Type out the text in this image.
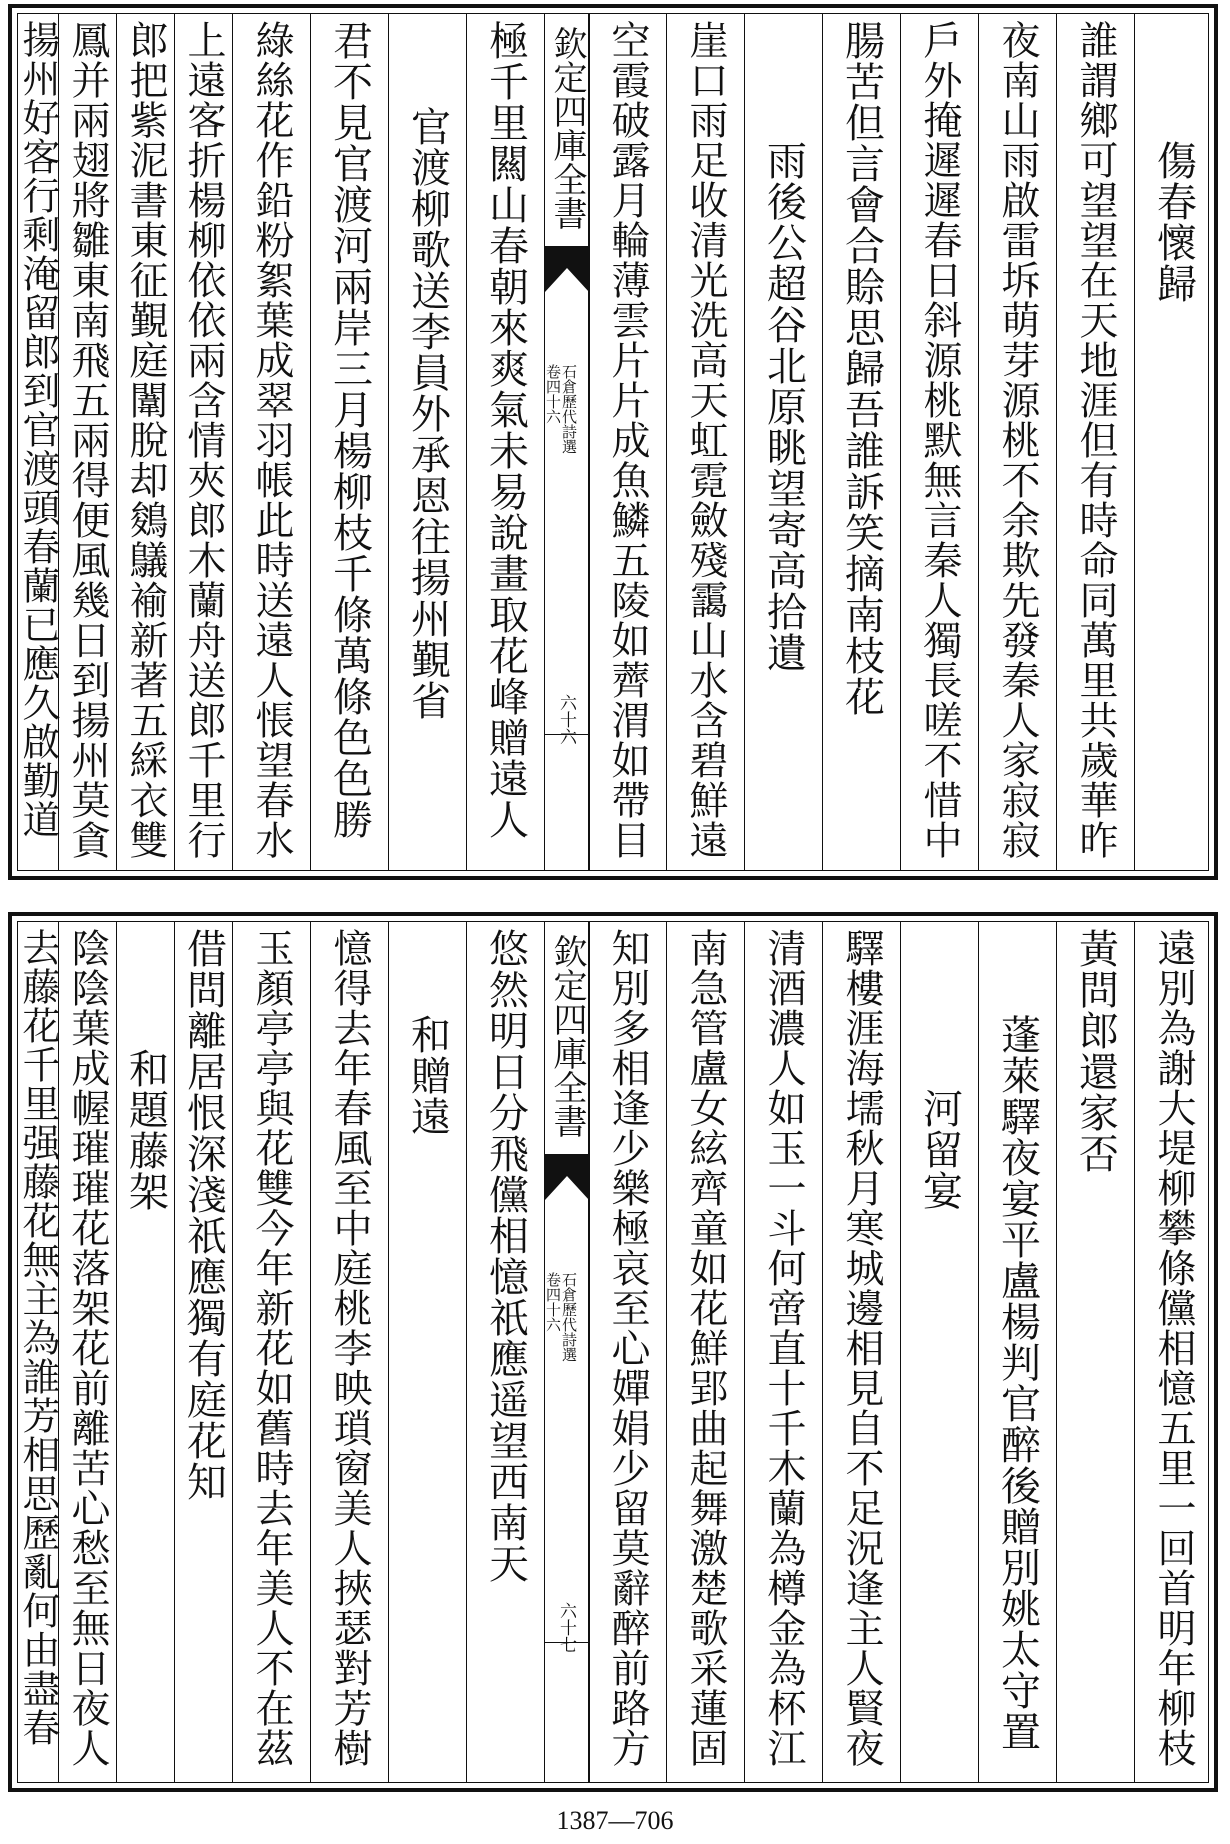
傷春懷歸
誰謂鄉可望望在天地涯但有時命同萬里共歲華昨
夜南山雨啟雷坼萌芽源桃不余欺先發秦人家寂寂
戶外掩遲遲春日斜源桃默無言秦人獨長嗟不惜中
腸苦但言會合賒思歸吾誰訴笑摘南枝花
雨後公超谷北原眺望寄高拾遺
崖口雨足收清光洗高天虹霓斂殘靄山水含碧鮮遠
空霞破露月輪薄雲片片成魚鱗五陵如薺渭如帶目
欽定四庫全書
石倉歷代詩選
卷四十六
六十六
極千里闗山春朝來爽氣未易說畫取花峰贈遠人
官渡柳歌送李員外承恩往揚州覲省
君不見官渡河兩岸三月楊柳枝千條萬條色色勝
綠絲花作鉛粉絮葉成翠羽帳此時送遠人悵望春水
上遠客折楊柳依依兩含情夾郎木蘭舟送郎千里行
郎把紫泥書東征覲庭闈脫却鵕鸃褕新著五綵衣雙
鳳并兩翅將雛東南飛五兩得便風幾日到揚州莫貪
揚州好客行剩淹留郎到官渡頭春蘭已應久啟勤道
遠別為謝大堤柳攀條儻相憶五里一回首明年柳枝
黃問郎還家否
蓬萊驛夜宴平盧楊判官醉後贈別姚太守置
河留宴
驛樓涯海壖秋月寒城邊相見自不足況逢主人賢夜
清酒濃人如玉一斗何啻直十千木蘭為樽金為杯江
南急管盧女絃齊童如花鮮郢曲起舞激楚歌采蓮固
知別多相逢少樂極哀至心嬋娟少留莫辭醉前路方
欽定四庫全書
石倉歷代詩選
卷四十六
六十七
悠然明日分飛儻相憶祇應遥望西南天
和贈遠
憶得去年春風至中庭桃李映瑣窗美人挾瑟對芳樹
玉顏亭亭與花雙今年新花如舊時去年美人不在茲
借問離居恨深淺祇應獨有庭花知
和題藤架
陰陰葉成幄璀璀花落架花前離苦心愁至無日夜人
去藤花千里强藤花無主為誰芳相思歷亂何由盡春
1387—706
